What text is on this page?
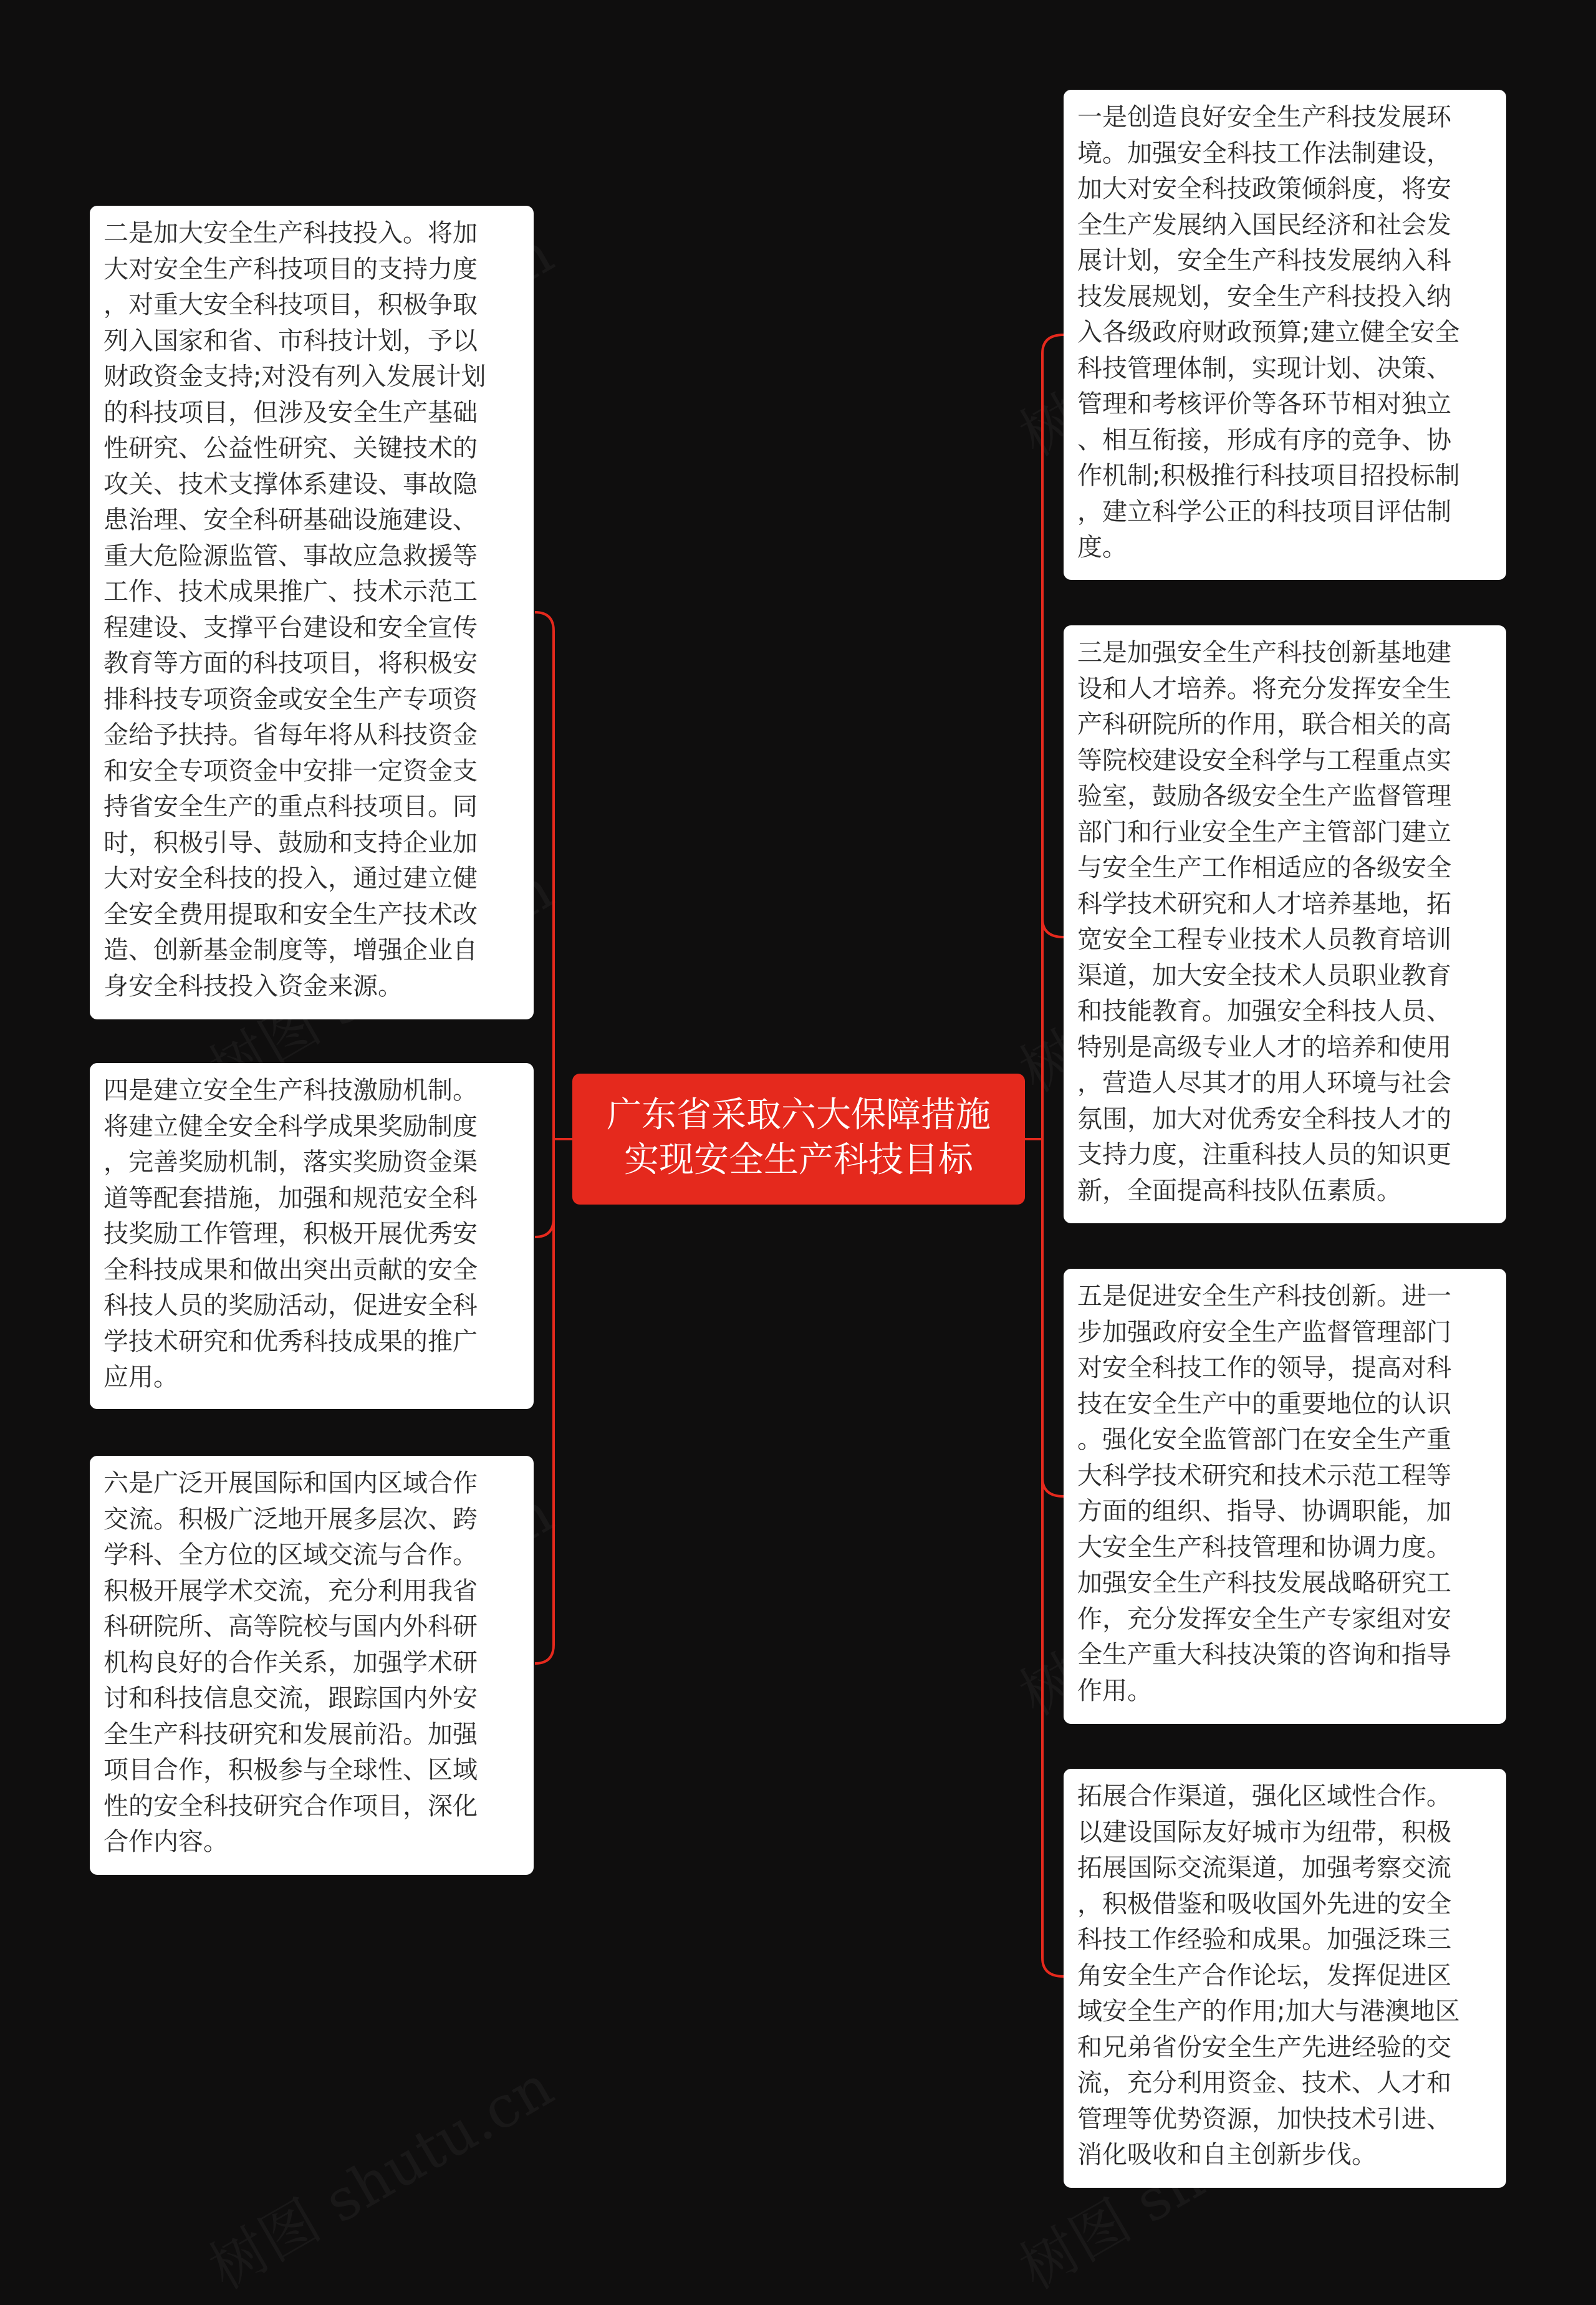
广东省采取六大保障措施
实现安全生产科技目标
二是加大安全生产科技投入。将加
大对安全生产科技项目的支持力度
，对重大安全科技项目，积极争取
列入国家和省、市科技计划，予以
财政资金支持;对没有列入发展计划
的科技项目，但涉及安全生产基础
性研究、公益性研究、关键技术的
攻关、技术支撑体系建设、事故隐
患治理、安全科研基础设施建设、
重大危险源监管、事故应急救援等
工作、技术成果推广、技术示范工
程建设、支撑平台建设和安全宣传
教育等方面的科技项目，将积极安
排科技专项资金或安全生产专项资
金给予扶持。省每年将从科技资金
和安全专项资金中安排一定资金支
持省安全生产的重点科技项目。同
时，积极引导、鼓励和支持企业加
大对安全科技的投入，通过建立健
全安全费用提取和安全生产技术改
造、创新基金制度等，增强企业自
身安全科技投入资金来源。
四是建立安全生产科技激励机制。
将建立健全安全科学成果奖励制度
，完善奖励机制，落实奖励资金渠
道等配套措施，加强和规范安全科
技奖励工作管理，积极开展优秀安
全科技成果和做出突出贡献的安全
科技人员的奖励活动，促进安全科
学技术研究和优秀科技成果的推广
应用。
六是广泛开展国际和国内区域合作
交流。积极广泛地开展多层次、跨
学科、全方位的区域交流与合作。
积极开展学术交流，充分利用我省
科研院所、高等院校与国内外科研
机构良好的合作关系，加强学术研
讨和科技信息交流，跟踪国内外安
全生产科技研究和发展前沿。加强
项目合作，积极参与全球性、区域
性的安全科技研究合作项目，深化
合作内容。
一是创造良好安全生产科技发展环
境。加强安全科技工作法制建设，
加大对安全科技政策倾斜度，将安
全生产发展纳入国民经济和社会发
展计划，安全生产科技发展纳入科
技发展规划，安全生产科技投入纳
入各级政府财政预算;建立健全安全
科技管理体制，实现计划、决策、
管理和考核评价等各环节相对独立
、相互衔接，形成有序的竞争、协
作机制;积极推行科技项目招投标制
，建立科学公正的科技项目评估制
度。
三是加强安全生产科技创新基地建
设和人才培养。将充分发挥安全生
产科研院所的作用，联合相关的高
等院校建设安全科学与工程重点实
验室，鼓励各级安全生产监督管理
部门和行业安全生产主管部门建立
与安全生产工作相适应的各级安全
科学技术研究和人才培养基地，拓
宽安全工程专业技术人员教育培训
渠道，加大安全技术人员职业教育
和技能教育。加强安全科技人员、
特别是高级专业人才的培养和使用
，营造人尽其才的用人环境与社会
氛围，加大对优秀安全科技人才的
支持力度，注重科技人员的知识更
新，全面提高科技队伍素质。
五是促进安全生产科技创新。进一
步加强政府安全生产监督管理部门
对安全科技工作的领导，提高对科
技在安全生产中的重要地位的认识
。强化安全监管部门在安全生产重
大科学技术研究和技术示范工程等
方面的组织、指导、协调职能，加
大安全生产科技管理和协调力度。
加强安全生产科技发展战略研究工
作，充分发挥安全生产专家组对安
全生产重大科技决策的咨询和指导
作用。
拓展合作渠道，强化区域性合作。
以建设国际友好城市为纽带，积极
拓展国际交流渠道，加强考察交流
，积极借鉴和吸收国外先进的安全
科技工作经验和成果。加强泛珠三
角安全生产合作论坛，发挥促进区
域安全生产的作用;加大与港澳地区
和兄弟省份安全生产先进经验的交
流，充分利用资金、技术、人才和
管理等优势资源，加快技术引进、
消化吸收和自主创新步伐。
